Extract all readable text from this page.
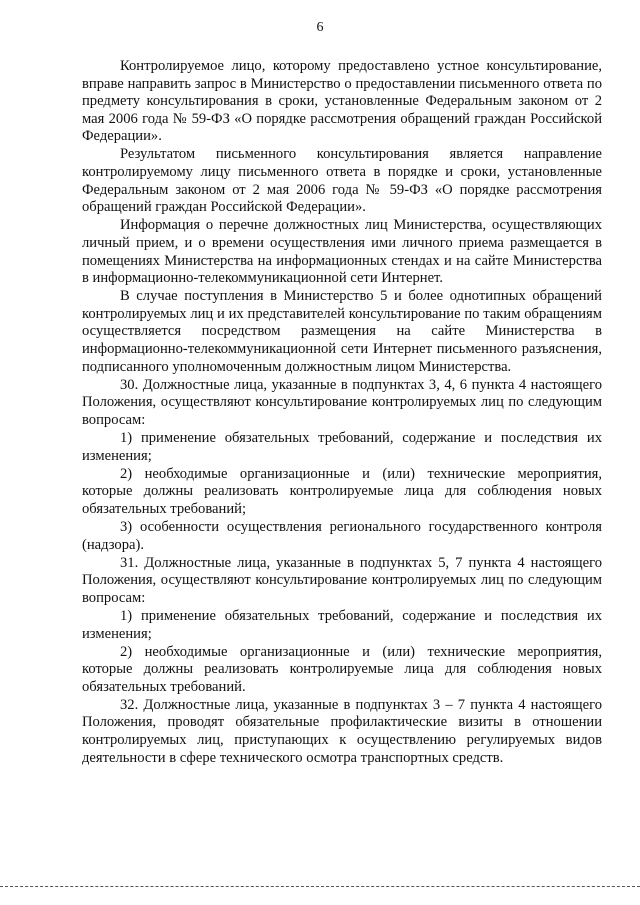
6

Контролируемое лицо, которому предоставлено устное консультирование, вправе направить запрос в Министерство о предоставлении письменного ответа по предмету консультирования в сроки, установленные Федеральным законом от 2 мая 2006 года № 59-ФЗ «О порядке рассмотрения обращений граждан Российской Федерации».

Результатом письменного консультирования является направление контролируемому лицу письменного ответа в порядке и сроки, установленные Федеральным законом от 2 мая 2006 года № 59-ФЗ «О порядке рассмотрения обращений граждан Российской Федерации».

Информация о перечне должностных лиц Министерства, осуществляющих личный прием, и о времени осуществления ими личного приема размещается в помещениях Министерства на информационных стендах и на сайте Министерства в информационно-телекоммуникационной сети Интернет.

В случае поступления в Министерство 5 и более однотипных обращений контролируемых лиц и их представителей консультирование по таким обращениям осуществляется посредством размещения на сайте Министерства в информационно-телекоммуникационной сети Интернет письменного разъяснения, подписанного уполномоченным должностным лицом Министерства.

30. Должностные лица, указанные в подпунктах 3, 4, 6 пункта 4 настоящего Положения, осуществляют консультирование контролируемых лиц по следующим вопросам:

1) применение обязательных требований, содержание и последствия их изменения;

2) необходимые организационные и (или) технические мероприятия, которые должны реализовать контролируемые лица для соблюдения новых обязательных требований;

3) особенности осуществления регионального государственного контроля (надзора).

31. Должностные лица, указанные в подпунктах 5, 7 пункта 4 настоящего Положения, осуществляют консультирование контролируемых лиц по следующим вопросам:

1) применение обязательных требований, содержание и последствия их изменения;

2) необходимые организационные и (или) технические мероприятия, которые должны реализовать контролируемые лица для соблюдения новых обязательных требований.

32. Должностные лица, указанные в подпунктах 3 – 7 пункта 4 настоящего Положения, проводят обязательные профилактические визиты в отношении контролируемых лиц, приступающих к осуществлению регулируемых видов деятельности в сфере технического осмотра транспортных средств.
